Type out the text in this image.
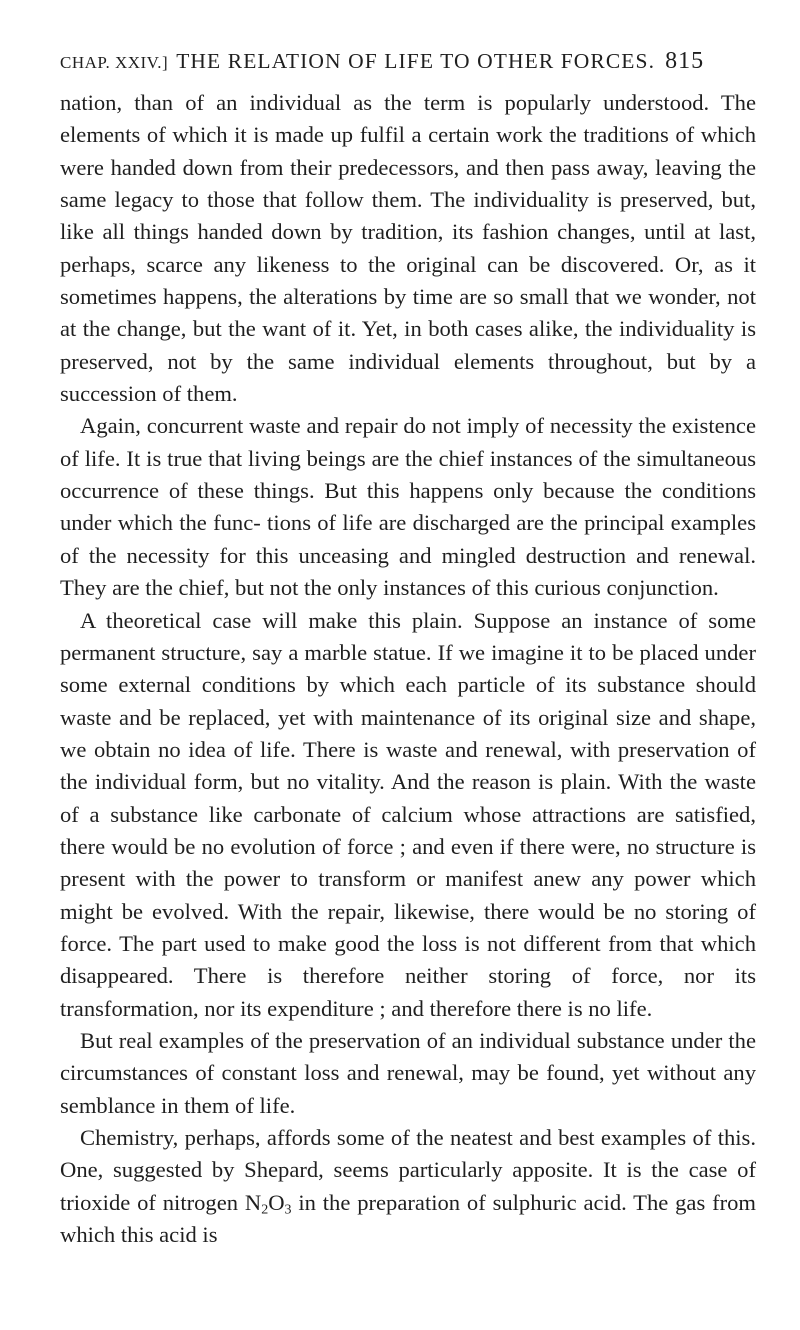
CHAP. XXIV.] THE RELATION OF LIFE TO OTHER FORCES. 815

nation, than of an individual as the term is popularly understood. The elements of which it is made up fulfil a certain work the traditions of which were handed down from their predecessors, and then pass away, leaving the same legacy to those that follow them. The individuality is preserved, but, like all things handed down by tradition, its fashion changes, until at last, perhaps, scarce any likeness to the original can be discovered. Or, as it sometimes happens, the alterations by time are so small that we wonder, not at the change, but the want of it. Yet, in both cases alike, the individuality is preserved, not by the same individual elements throughout, but by a succession of them.

Again, concurrent waste and repair do not imply of necessity the existence of life. It is true that living beings are the chief instances of the simultaneous occurrence of these things. But this happens only because the conditions under which the func- tions of life are discharged are the principal examples of the necessity for this unceasing and mingled destruction and renewal. They are the chief, but not the only instances of this curious conjunction.

A theoretical case will make this plain. Suppose an instance of some permanent structure, say a marble statue. If we imagine it to be placed under some external conditions by which each particle of its substance should waste and be replaced, yet with maintenance of its original size and shape, we obtain no idea of life. There is waste and renewal, with preservation of the individual form, but no vitality. And the reason is plain. With the waste of a substance like carbonate of calcium whose attractions are satisfied, there would be no evolution of force ; and even if there were, no structure is present with the power to transform or manifest anew any power which might be evolved. With the repair, likewise, there would be no storing of force. The part used to make good the loss is not different from that which disappeared. There is therefore neither storing of force, nor its transformation, nor its expenditure ; and therefore there is no life.

But real examples of the preservation of an individual substance under the circumstances of constant loss and renewal, may be found, yet without any semblance in them of life.

Chemistry, perhaps, affords some of the neatest and best examples of this. One, suggested by Shepard, seems particularly apposite. It is the case of trioxide of nitrogen $N_2O_3$ in the preparation of sulphuric acid. The gas from which this acid is
